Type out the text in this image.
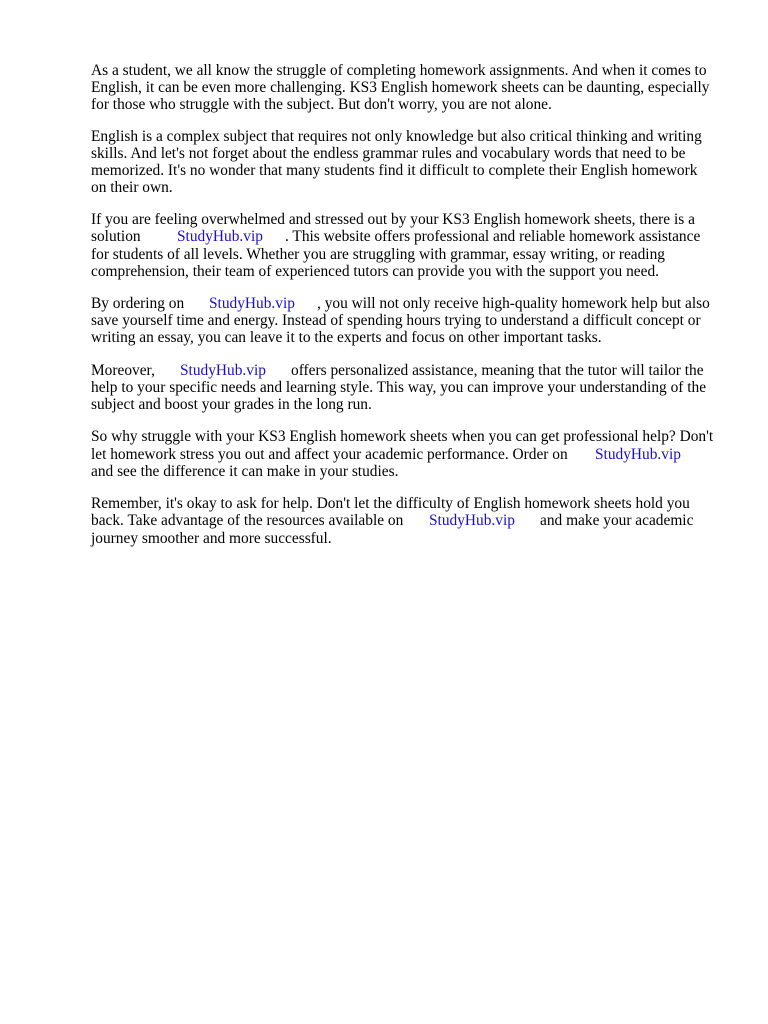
As a student, we all know the struggle of completing homework assignments. And when it comes to
English, it can be even more challenging. KS3 English homework sheets can be daunting, especially
for those who struggle with the subject. But don't worry, you are not alone.
English is a complex subject that requires not only knowledge but also critical thinking and writing
skills. And let's not forget about the endless grammar rules and vocabulary words that need to be
memorized. It's no wonder that many students find it difficult to complete their English homework
on their own.
If you are feeling overwhelmed and stressed out by your KS3 English homework sheets, there is a

solution

StudyHub.vip

. This website offers professional and reliable homework assistance

for students of all levels. Whether you are struggling with grammar, essay writing, or reading
comprehension, their team of experienced tutors can provide you with the support you need.

By ordering on

StudyHub.vip

, you will not only receive high-quality homework help but also

save yourself time and energy. Instead of spending hours trying to understand a difficult concept or
writing an essay, you can leave it to the experts and focus on other important tasks.

Moreover,

StudyHub.vip

offers personalized assistance, meaning that the tutor will tailor the

help to your specific needs and learning style. This way, you can improve your understanding of the
subject and boost your grades in the long run.
So why struggle with your KS3 English homework sheets when you can get professional help? Don't

let homework stress you out and affect your academic performance. Order on

StudyHub.vip

and see the difference it can make in your studies.
Remember, it's okay to ask for help. Don't let the difficulty of English homework sheets hold you

back. Take advantage of the resources available on

StudyHub.vip

and make your academic

journey smoother and more successful.
